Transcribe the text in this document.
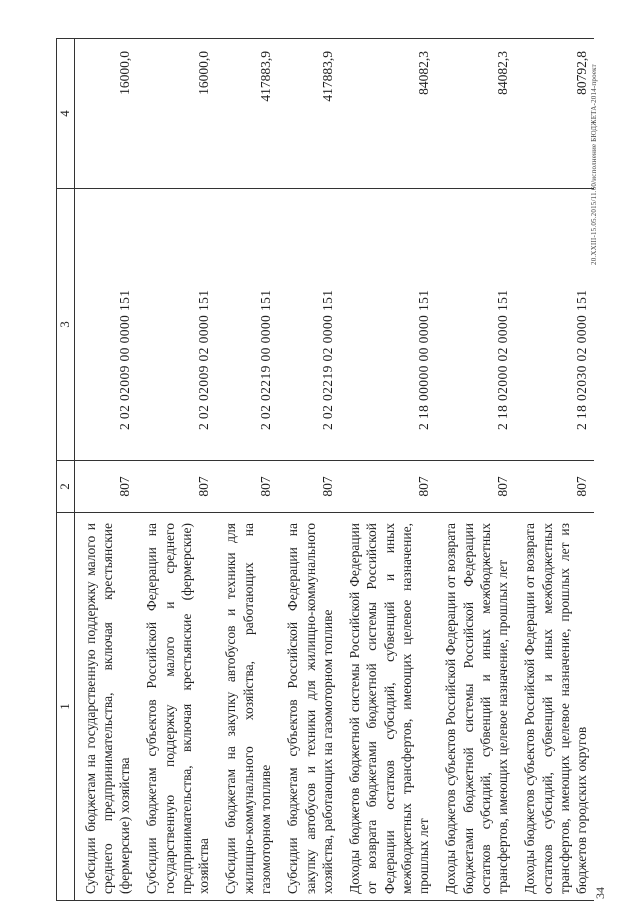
34
1	2	3	4
Субсидии бюджетам на государственную поддержку малого и среднего предпринимательства, включая крестьянские (фермерские) хозяйства	807	2 02 02009 00 0000 151	16000,0
Субсидии бюджетам субъектов Российской Федерации на государственную поддержку малого и среднего предпринимательства, включая крестьянские (фермерские) хозяйства	807	2 02 02009 02 0000 151	16000,0
Субсидии бюджетам на закупку автобусов и техники для жилищно-коммунального хозяйства, работающих на газомоторном топливе	807	2 02 02219 00 0000 151	417883,9
Субсидии бюджетам субъектов Российской Федерации на закупку автобусов и техники для жилищно-коммунального хозяйства, работающих на газомоторном топливе	807	2 02 02219 02 0000 151	417883,9
Доходы бюджетов бюджетной системы Российской Федерации от возврата бюджетами бюджетной системы Российской Федерации остатков субсидий, субвенций и иных межбюджетных трансфертов, имеющих целевое назначение, прошлых лет	807	2 18 00000 00 0000 151	84082,3
Доходы бюджетов субъектов Российской Федерации от возврата бюджетами бюджетной системы Российской Федерации остатков субсидий, субвенций и иных межбюджетных трансфертов, имеющих целевое назначение, прошлых лет	807	2 18 02000 02 0000 151	84082,3
Доходы бюджетов субъектов Российской Федерации от возврата остатков субсидий, субвенций и иных межбюджетных трансфертов, имеющих целевое назначение, прошлых лет из бюджетов городских округов	807	2 18 02030 02 0000 151	80792,8 20.XXIII-15.05.2015/11.60/исполнение БЮДЖЕТА-2014-проект
